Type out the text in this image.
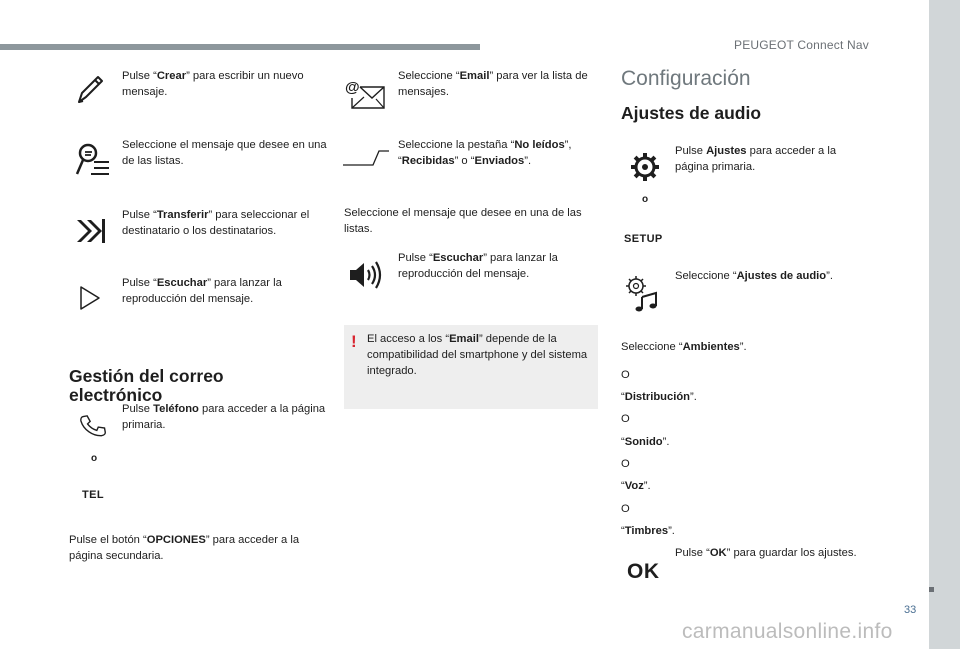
PEUGEOT Connect Nav
Pulse “Crear” para escribir un nuevo mensaje.
Seleccione el mensaje que desee en una de las listas.
Pulse “Transferir” para seleccionar el destinatario o los destinatarios.
Pulse “Escuchar” para lanzar la reproducción del mensaje.
Gestión del correo electrónico
Pulse Teléfono para acceder a la página primaria.
o
TEL
Pulse el botón “OPCIONES” para acceder a la página secundaria.
@
Seleccione “Email” para ver la lista de mensajes.
Seleccione la pestaña “No leídos”, “Recibidas” o “Enviados”.
Seleccione el mensaje que desee en una de las listas.
Pulse “Escuchar” para lanzar la reproducción del mensaje.
! El acceso a los “Email” depende de la compatibilidad del smartphone y del sistema integrado.
Configuración
Ajustes de audio
Pulse Ajustes para acceder a la página primaria.
o
SETUP
Seleccione “Ajustes de audio”.
Seleccione “Ambientes”.
O
“Distribución”.
O
“Sonido”.
O
“Voz”.
O
“Timbres”.
Pulse “OK” para guardar los ajustes.
OK
33
carmanualsonline.info
